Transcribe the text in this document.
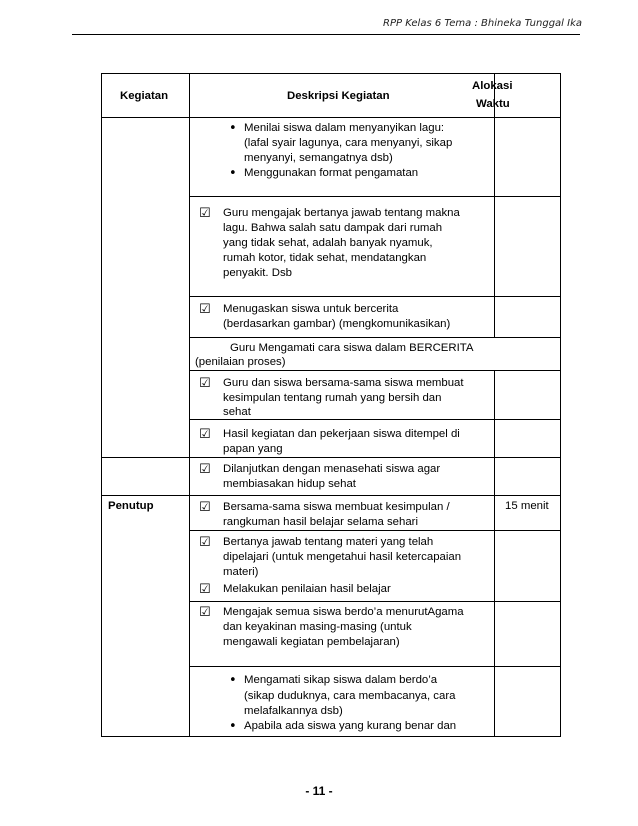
RPP Kelas 6 Tema : Bhineka Tunggal Ika
Kegiatan	Deskripsi Kegiatan
Alokasi
Waktu
• Menilai siswa dalam menyanyikan lagu:
(lafal syair lagunya, cara menyanyi, sikap
menyanyi, semangatnya dsb)
• Menggunakan format pengamatan
☑ Guru mengajak bertanya jawab tentang makna
lagu. Bahwa salah satu dampak dari rumah
yang tidak sehat, adalah banyak nyamuk,
rumah kotor, tidak sehat, mendatangkan
penyakit. Dsb
☑ Menugaskan siswa untuk bercerita
(berdasarkan gambar) (mengkomunikasikan)
Guru Mengamati cara siswa dalam BERCERITA
(penilaian proses)
☑ Guru dan siswa bersama-sama siswa membuat
kesimpulan tentang rumah yang bersih dan
sehat
☑ Hasil kegiatan dan pekerjaan siswa ditempel di
papan yang
☑ Dilanjutkan dengan menasehati siswa agar
membiasakan hidup sehat
Penutup	15 menit
☑ Bersama-sama siswa membuat kesimpulan /
rangkuman hasil belajar selama sehari
☑ Bertanya jawab tentang materi yang telah
dipelajari (untuk mengetahui hasil ketercapaian
materi)
☑ Melakukan penilaian hasil belajar
☑ Mengajak semua siswa berdo’a menurutAgama
dan keyakinan masing-masing (untuk
mengawali kegiatan pembelajaran)
• Mengamati sikap siswa dalam berdo’a
(sikap duduknya, cara membacanya, cara
melafalkannya dsb)
• Apabila ada siswa yang kurang benar dan
- 11 -
